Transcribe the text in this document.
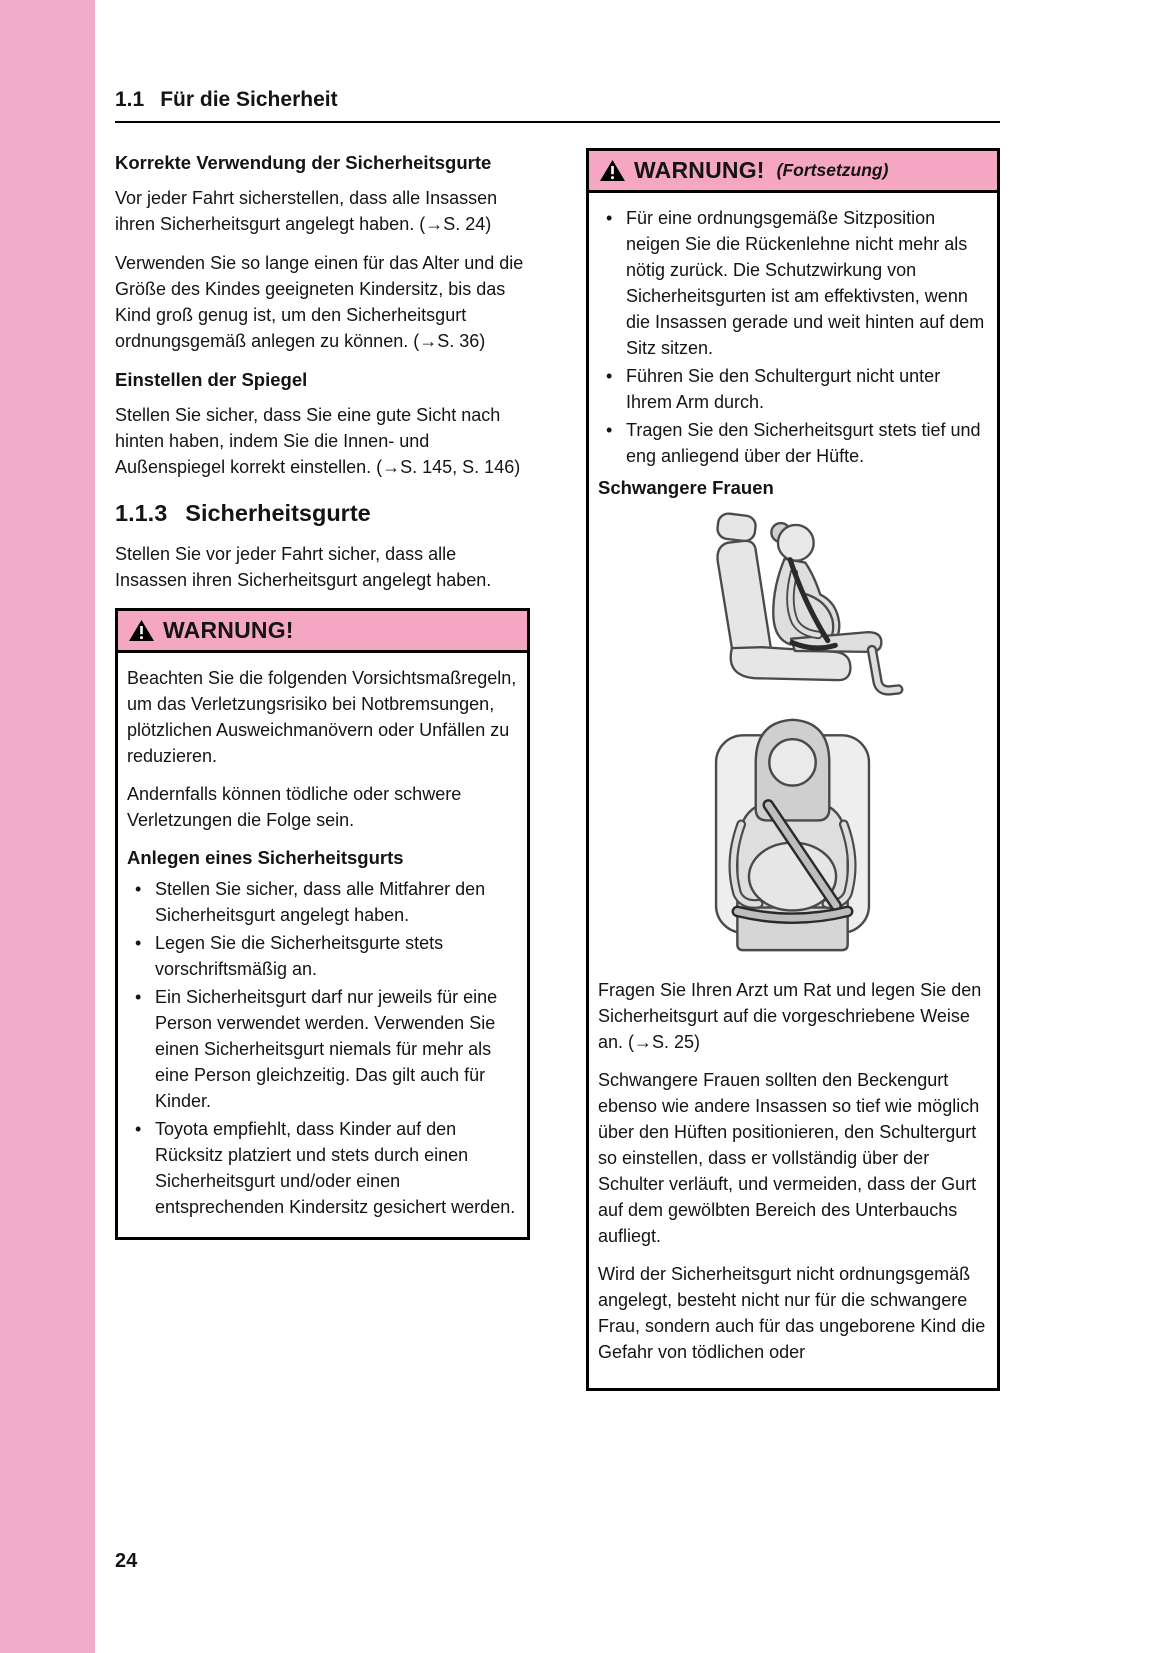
1.1 Für die Sicherheit
Korrekte Verwendung der Sicherheitsgurte

Vor jeder Fahrt sicherstellen, dass alle Insassen ihren Sicherheitsgurt angelegt haben. (→S. 24)

Verwenden Sie so lange einen für das Alter und die Größe des Kindes geeigneten Kindersitz, bis das Kind groß genug ist, um den Sicherheitsgurt ordnungsgemäß anlegen zu können. (→S. 36)

Einstellen der Spiegel

Stellen Sie sicher, dass Sie eine gute Sicht nach hinten haben, indem Sie die Innen- und Außenspiegel korrekt einstellen. (→S. 145, S. 146)

1.1.3 Sicherheitsgurte

Stellen Sie vor jeder Fahrt sicher, dass alle Insassen ihren Sicherheitsgurt angelegt haben.

WARNUNG!

Beachten Sie die folgenden Vorsichtsmaßregeln, um das Verletzungsrisiko bei Notbremsungen, plötzlichen Ausweichmanövern oder Unfällen zu reduzieren.

Andernfalls können tödliche oder schwere Verletzungen die Folge sein.

Anlegen eines Sicherheitsgurts
• Stellen Sie sicher, dass alle Mitfahrer den Sicherheitsgurt angelegt haben.
• Legen Sie die Sicherheitsgurte stets vorschriftsmäßig an.
• Ein Sicherheitsgurt darf nur jeweils für eine Person verwendet werden. Verwenden Sie einen Sicherheitsgurt niemals für mehr als eine Person gleichzeitig. Das gilt auch für Kinder.
• Toyota empfiehlt, dass Kinder auf den Rücksitz platziert und stets durch einen Sicherheitsgurt und/oder einen entsprechenden Kindersitz gesichert werden.
WARNUNG! (Fortsetzung)
• Für eine ordnungsgemäße Sitzposition neigen Sie die Rückenlehne nicht mehr als nötig zurück. Die Schutzwirkung von Sicherheitsgurten ist am effektivsten, wenn die Insassen gerade und weit hinten auf dem Sitz sitzen.
• Führen Sie den Schultergurt nicht unter Ihrem Arm durch.
• Tragen Sie den Sicherheitsgurt stets tief und eng anliegend über der Hüfte.
Schwangere Frauen

Fragen Sie Ihren Arzt um Rat und legen Sie den Sicherheitsgurt auf die vorgeschriebene Weise an. (→S. 25)

Schwangere Frauen sollten den Beckengurt ebenso wie andere Insassen so tief wie möglich über den Hüften positionieren, den Schultergurt so einstellen, dass er vollständig über der Schulter verläuft, und vermeiden, dass der Gurt auf dem gewölbten Bereich des Unterbauchs aufliegt.

Wird der Sicherheitsgurt nicht ordnungsgemäß angelegt, besteht nicht nur für die schwangere Frau, sondern auch für das ungeborene Kind die Gefahr von tödlichen oder

24
